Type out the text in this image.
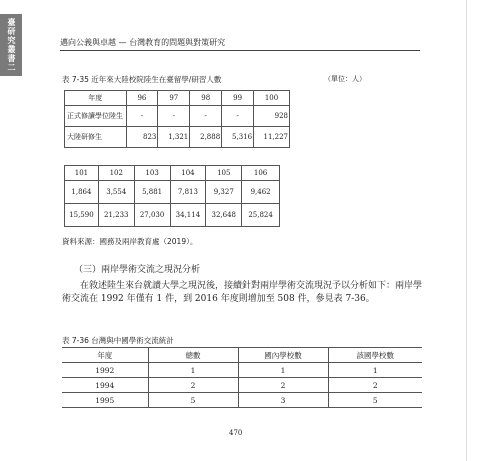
臺研究叢書二	邁向公義與卓越 — 台灣教育的問題與對策研究
表 7-35 近年來大陸校院陸生在臺留學/研習人數	（單位：人）
年度	96	97	98	99	100
正式修讀學位陸生	-	-	-	-	928
大陸研修生	823	1,321	2,888	5,316	11,227
101	102	103	104	105	106
1,864	3,554	5,881	7,813	9,327	9,462
15,590	21,233	27,030	34,114	32,648	25,824
資料來源：國務及兩岸教育處（2019）。
（三）兩岸學術交流之現況分析
在敘述陸生來台就讀大學之現況後，接續針對兩岸學術交流現況予以分析如下：兩岸學術交流在 1992 年僅有 1 件，到 2016 年度則增加至 508 件，參見表 7-36。
表 7-36 台灣與中國學術交流統計
年度	總數	國內學校數	該國學校數
1992	1	1	1
1994	2	2	2
1995	5	3	5
470
